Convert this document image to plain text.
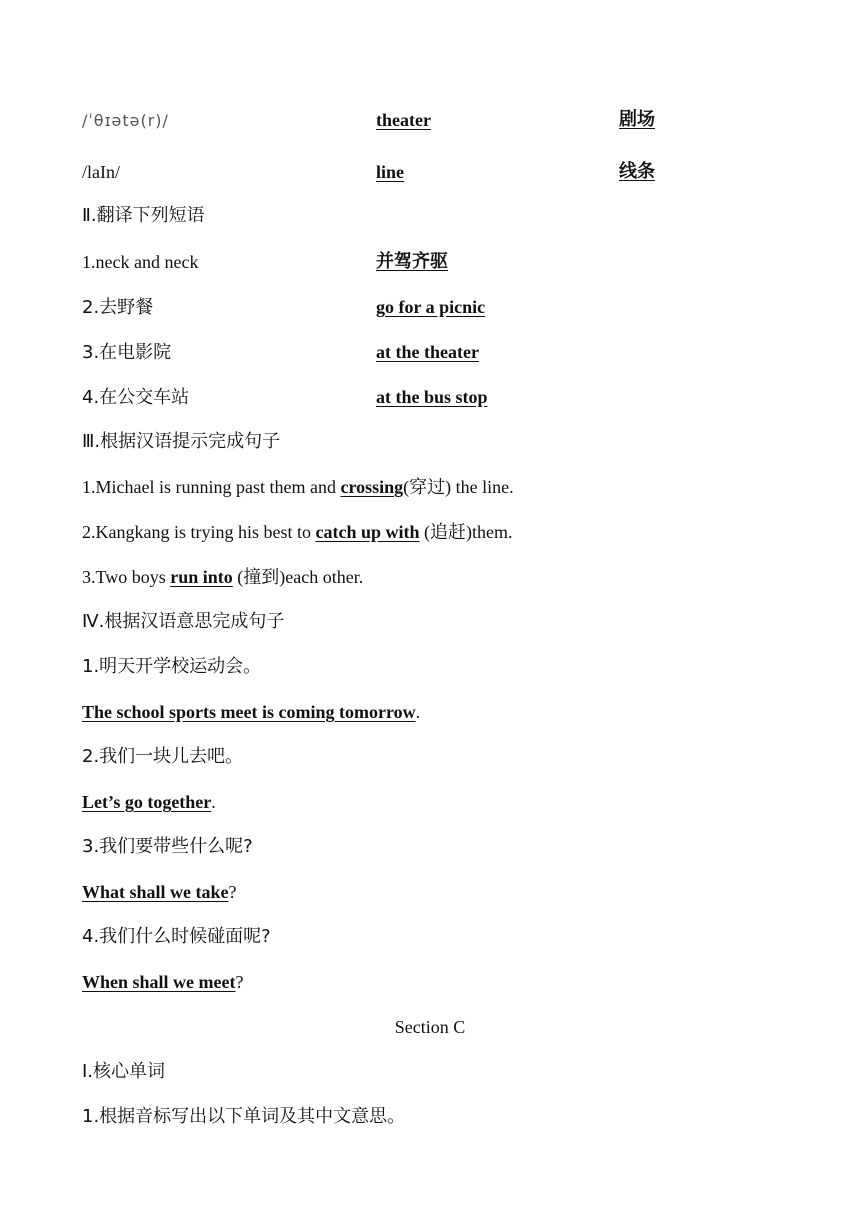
/ˈθɪətə(r)/	theater	剧场
/laIn/	line	线条
Ⅱ.翻译下列短语
1.neck and neck	并驾齐驱
2.去野餐	go for a picnic
3.在电影院	at the theater
4.在公交车站	at the bus stop
Ⅲ.根据汉语提示完成句子
1.Michael is running past them and crossing(穿过) the line.
2.Kangkang is trying his best to catch up with (追赶)them.
3.Two boys run into (撞到)each other.
Ⅳ.根据汉语意思完成句子
1.明天开学校运动会。
The school sports meet is coming tomorrow.
2.我们一块儿去吧。
Let’s go together.
3.我们要带些什么呢?
What shall we take?
4.我们什么时候碰面呢?
When shall we meet?
Section C
Ⅰ.核心单词
1.根据音标写出以下单词及其中文意思。
